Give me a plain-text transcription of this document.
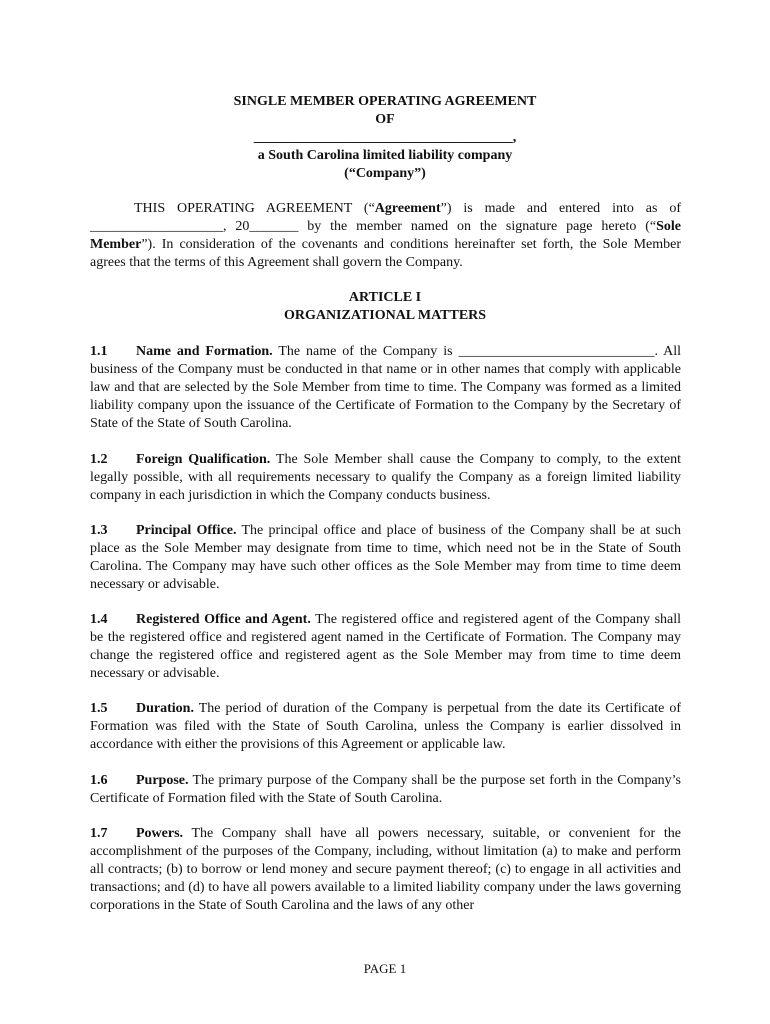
SINGLE MEMBER OPERATING AGREEMENT
OF
_____________________________________,
a South Carolina limited liability company
(“Company”)
THIS OPERATING AGREEMENT (“Agreement”) is made and entered into as of ___________________, 20_______ by the member named on the signature page hereto (“Sole Member”). In consideration of the covenants and conditions hereinafter set forth, the Sole Member agrees that the terms of this Agreement shall govern the Company.
ARTICLE I
ORGANIZATIONAL MATTERS
1.1 Name and Formation. The name of the Company is ____________________________. All business of the Company must be conducted in that name or in other names that comply with applicable law and that are selected by the Sole Member from time to time. The Company was formed as a limited liability company upon the issuance of the Certificate of Formation to the Company by the Secretary of State of the State of South Carolina.
1.2 Foreign Qualification. The Sole Member shall cause the Company to comply, to the extent legally possible, with all requirements necessary to qualify the Company as a foreign limited liability company in each jurisdiction in which the Company conducts business.
1.3 Principal Office. The principal office and place of business of the Company shall be at such place as the Sole Member may designate from time to time, which need not be in the State of South Carolina. The Company may have such other offices as the Sole Member may from time to time deem necessary or advisable.
1.4 Registered Office and Agent. The registered office and registered agent of the Company shall be the registered office and registered agent named in the Certificate of Formation. The Company may change the registered office and registered agent as the Sole Member may from time to time deem necessary or advisable.
1.5 Duration. The period of duration of the Company is perpetual from the date its Certificate of Formation was filed with the State of South Carolina, unless the Company is earlier dissolved in accordance with either the provisions of this Agreement or applicable law.
1.6 Purpose. The primary purpose of the Company shall be the purpose set forth in the Company’s Certificate of Formation filed with the State of South Carolina.
1.7 Powers. The Company shall have all powers necessary, suitable, or convenient for the accomplishment of the purposes of the Company, including, without limitation (a) to make and perform all contracts; (b) to borrow or lend money and secure payment thereof; (c) to engage in all activities and transactions; and (d) to have all powers available to a limited liability company under the laws governing corporations in the State of South Carolina and the laws of any other
PAGE 1
